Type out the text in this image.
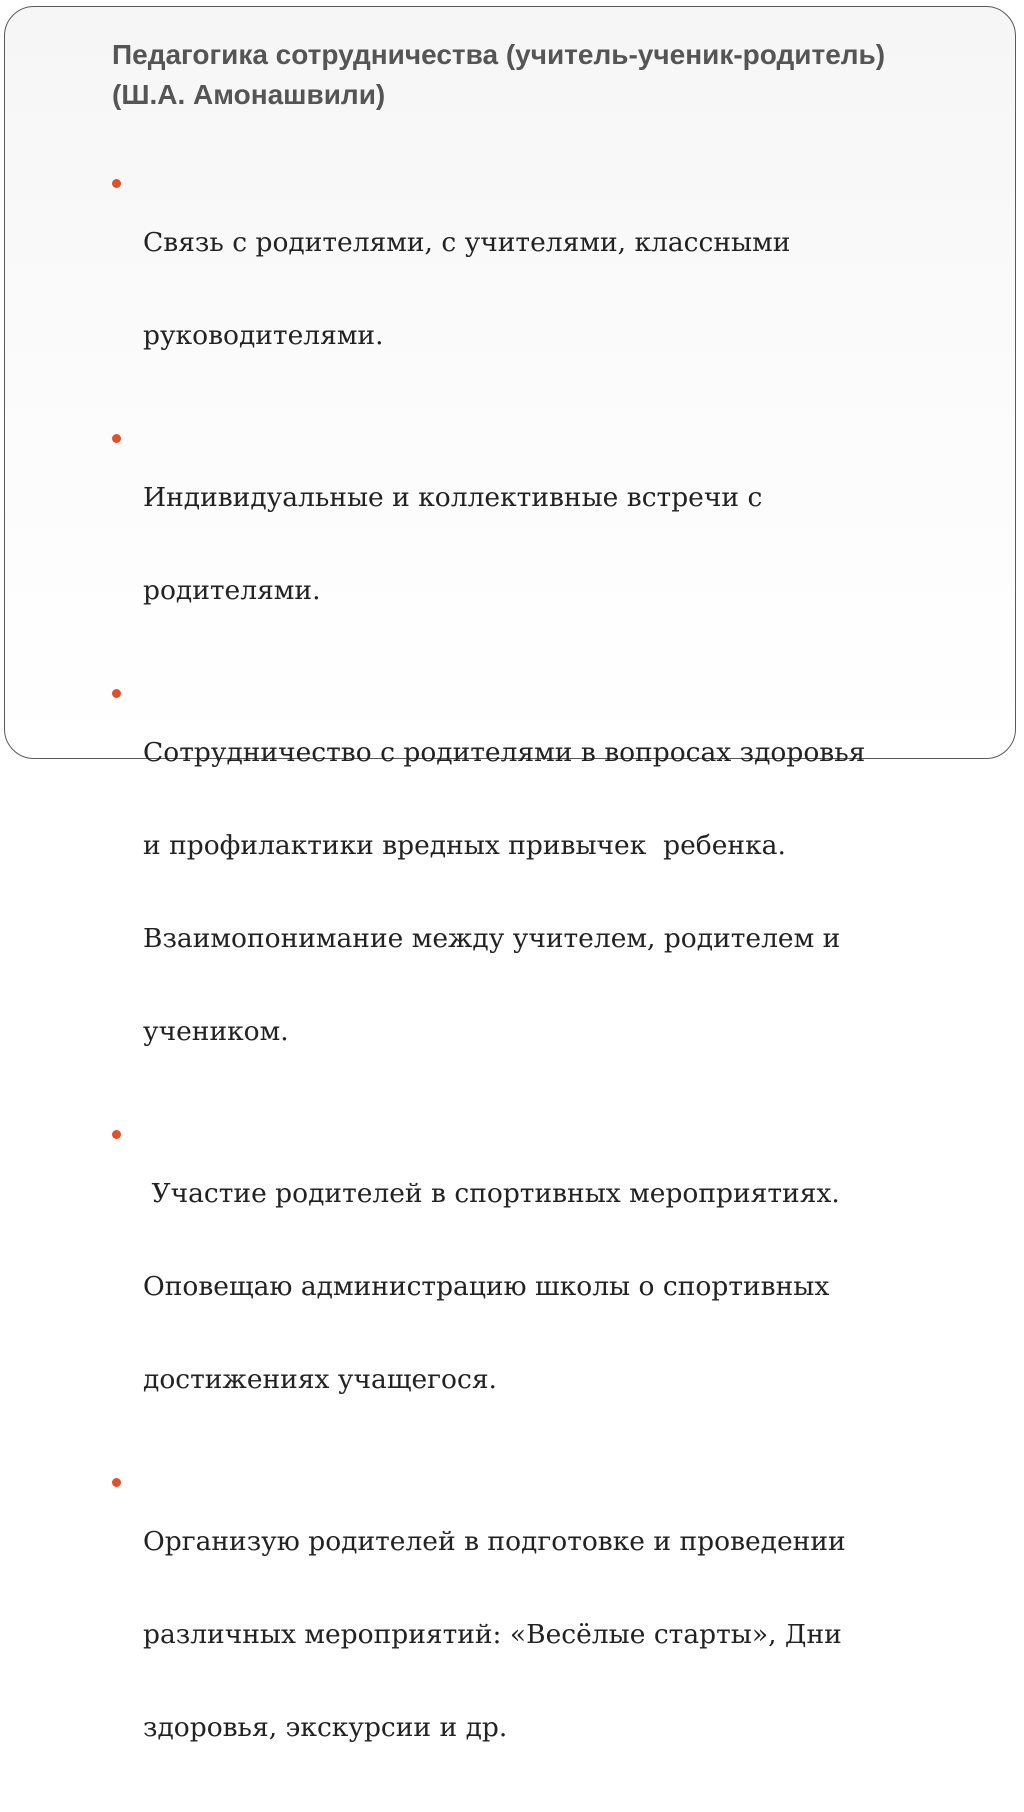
Педагогика сотрудничества (учитель-ученик-родитель)
(Ш.А. Амонашвили)

Связь с родителями, с учителями, классными

руководителями.

Индивидуальные и коллективные встречи с

родителями.

Сотрудничество с родителями в вопросах здоровья

и профилактики вредных привычек  ребенка.

Взаимопонимание между учителем, родителем и

учеником.

Участие родителей в спортивных мероприятиях.

Оповещаю администрацию школы о спортивных

достижениях учащегося.

Организую родителей в подготовке и проведении

различных мероприятий: «Весёлые старты», Дни

здоровья, экскурсии и др.
